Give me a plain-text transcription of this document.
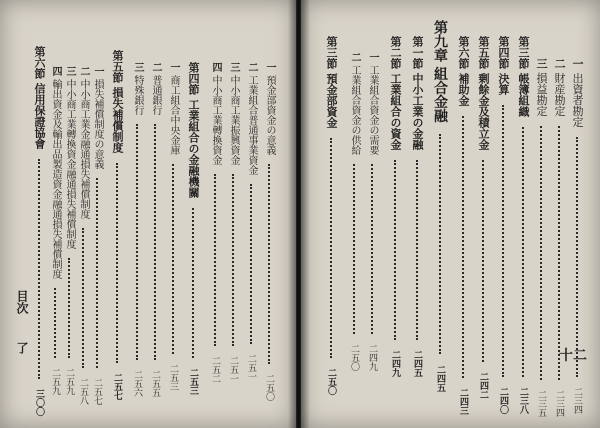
十二
一 出資者勘定  二三四
二 財産勘定  二三四
三 損益勘定  二三五
第三節 帳簿組織  二三八
第四節 決算  二四〇
第五節 剰餘金及積立金  二四二
第六節 補助金  二四三
第九章 組合金融  二四五
第一節 中小工業の金融  二四五
第二節 工業組合の資金  二四九
一 工業組合資金の需要  二四九
二 工業組合資金の供給  二五〇
第三節 預金部資金  二五〇
一 預金部資金の意義  二五〇
二 工業組合普通事業資金  二五一
三 中小商工業振興資金  二五一
四 中小商工業轉換資金  二五二
第四節 工業組合の金融機關  二五三
一 商工組合中央金庫  二五三
二 普通銀行  二五五
三 特殊銀行  二五六
第五節 損失補償制度  二五七
一 損失補償制度の意義  二五七
二 中小商工業金融通損失補償制度  二五八
三 中小商工業轉換資金融通損失補償制度  二五九
四 輸出資金及輸出品製造資金融通損失補償制度  二五九
第六節 信用保證協會  三〇〇
目次
了
